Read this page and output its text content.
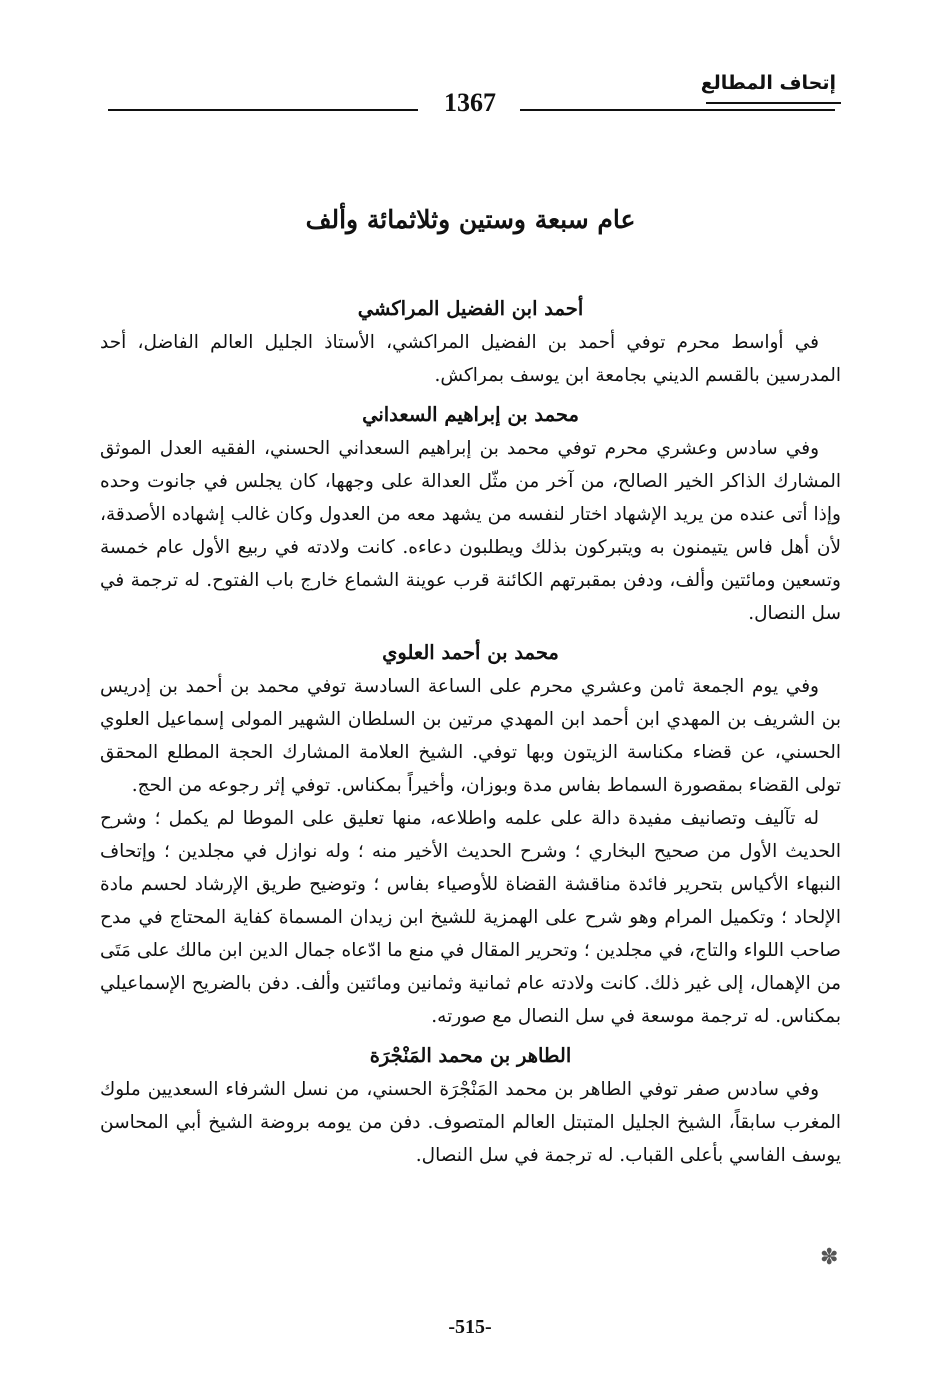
إتحاف المطالع
1367
عام سبعة وستين وثلاثمائة وألف
أحمد ابن الفضيل المراكشي

في أواسط محرم توفي أحمد بن الفضيل المراكشي، الأستاذ الجليل العالم الفاضل، أحد المدرسين بالقسم الديني بجامعة ابن يوسف بمراكش.

محمد بن إبراهيم السعداني

وفي سادس وعشري محرم توفي محمد بن إبراهيم السعداني الحسني، الفقيه العدل الموثق المشارك الذاكر الخير الصالح، من آخر من مثّل العدالة على وجهها، كان يجلس في جانوت وحده وإذا أتى عنده من يريد الإشهاد اختار لنفسه من يشهد معه من العدول وكان غالب إشهاده الأصدقة، لأن أهل فاس يتيمنون به ويتبركون بذلك ويطلبون دعاءه. كانت ولادته في ربيع الأول عام خمسة وتسعين ومائتين وألف، ودفن بمقبرتهم الكائنة قرب عوينة الشماع خارج باب الفتوح. له ترجمة في سل النصال.

محمد بن أحمد العلوي

وفي يوم الجمعة ثامن وعشري محرم على الساعة السادسة توفي محمد بن أحمد بن إدريس بن الشريف بن المهدي ابن أحمد ابن المهدي مرتين بن السلطان الشهير المولى إسماعيل العلوي الحسني، عن قضاء مكناسة الزيتون وبها توفي. الشيخ العلامة المشارك الحجة المطلع المحقق تولى القضاء بمقصورة السماط بفاس مدة وبوزان، وأخيراً بمكناس. توفي إثر رجوعه من الحج.

له تآليف وتصانيف مفيدة دالة على علمه واطلاعه، منها تعليق على الموطا لم يكمل ؛ وشرح الحديث الأول من صحيح البخاري ؛ وشرح الحديث الأخير منه ؛ وله نوازل في مجلدين ؛ وإتحاف النبهاء الأكياس بتحرير فائدة مناقشة القضاة للأوصياء بفاس ؛ وتوضيح طريق الإرشاد لحسم مادة الإلحاد ؛ وتكميل المرام وهو شرح على الهمزية للشيخ ابن زيدان المسماة كفاية المحتاج في مدح صاحب اللواء والتاج، في مجلدين ؛ وتحرير المقال في منع ما ادّعاه جمال الدين ابن مالك على مَتَى من الإهمال، إلى غير ذلك. كانت ولادته عام ثمانية وثمانين ومائتين وألف. دفن بالضريح الإسماعيلي بمكناس. له ترجمة موسعة في سل النصال مع صورته.

الطاهر بن محمد المَنْجْرَة

وفي سادس صفر توفي الطاهر بن محمد المَنْجْرَة الحسني، من نسل الشرفاء السعديين ملوك المغرب سابقاً، الشيخ الجليل المتبتل العالم المتصوف. دفن من يومه بروضة الشيخ أبي المحاسن يوسف الفاسي بأعلى القباب. له ترجمة في سل النصال.

✽
-515-
